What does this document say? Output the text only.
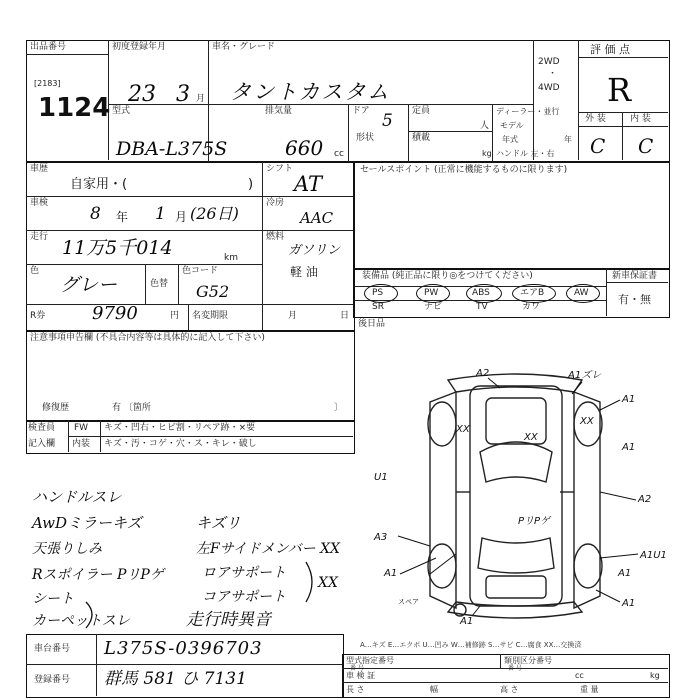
出品番号
[2183]
1124
初度登録年月
23 3 月
車名・グレード
タントカスタム
2WD
・
4WD
評 価 点
R
型式
DBA-L375S
排気量
660 cc
ドア 5 定員
人
形状	積載
kg
ディーラー・並行
モデル
年式	年
ハンドル 左・右
外 装	内 装
C C
車歴
自家用・(	)
シフト
AT
車検
8 年 1 月 (26日)
冷房
AAC
走行 11万5千014	km
燃料
ガソリン
軽 油
色
グレー	色替
色コード
G52
R券	9790	円 名変期限	月	日
注意事項申告欄 (不具合内容等は具体的に記入して下さい)
修復歴	有 〔箇所	〕
検査員
記入欄
FW キズ・凹右・ヒビ割・リペア跡・×要
内装 キズ・汚・コゲ・穴・ス・キレ・破し
セールスポイント (正常に機能するものに限ります)
装備品 (純正品に限り◎をつけてください)	新車保証書
有・無
PS	PW	ABS	エアB	AW
SR	ナビ	TV	カワ
後日品
ハンドルスレ
AwDミラーキズ	キズリ
天張りしみ	左Fサイドメンバー XX
Rスポイラー PリPゲ	ロアサポート
XX
シート	コアサポート
カーペットスレ	走行時異音
A2	A1ズレ
A1
XX
XX
XX
U1
A2
A1
A3
PリPゲ
A1U1
A1
A1
A1
A1
スペア
A…キズ E…エクボ U…凹み W…補修跡 S…サビ C…腐食 XX…交換済
車台番号 L375S-0396703
登録番号 群馬 581 ひ 7131
型式指定番号
番 号
類別区分番号
番 号
車 検 証	cc	kg
長 さ	幅	高 さ	重 量
